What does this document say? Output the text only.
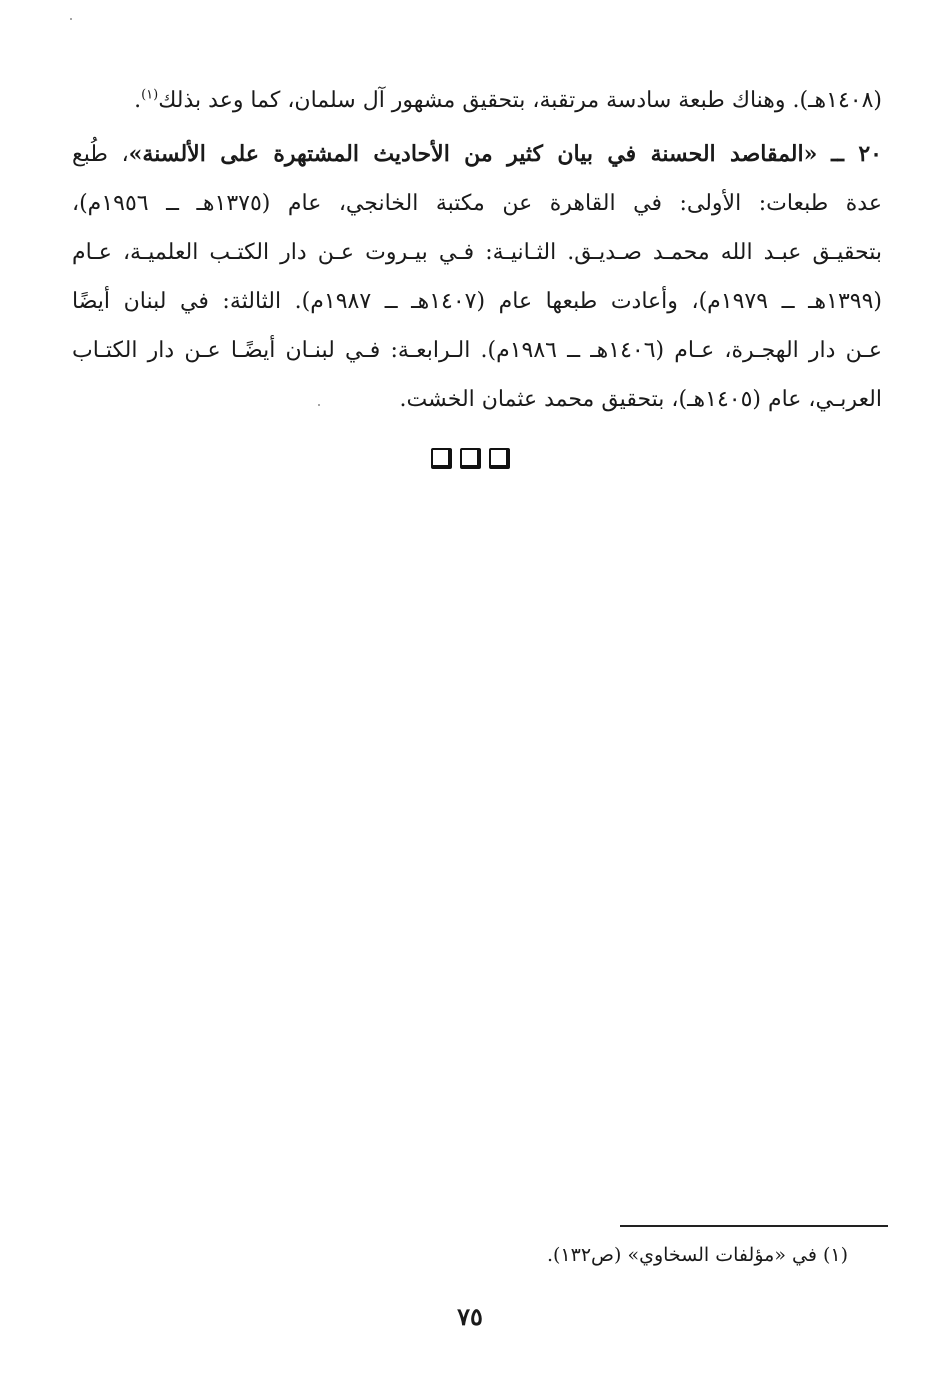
(١٤٠٨هـ). وهناك طبعة سادسة مرتقبة، بتحقيق مشهور آل سلمان، كما وعد بذلك$^{(١)}$.
٢٠ ــ «المقاصد الحسنة في بيان كثير من الأحاديث المشتهرة على الألسنة»، طُبع
عدة طبعات: الأولى: في القاهرة عن مكتبة الخانجي، عام (١٣٧٥هـ ــ ١٩٥٦م)،
بتحقيـق عبـد الله محمـد صـديـق. الثـانيـة: فـي بيـروت عـن دار الكتـب العلميـة، عـام
(١٣٩٩هـ ــ ١٩٧٩م)، وأعادت طبعها عام (١٤٠٧هـ ــ ١٩٨٧م). الثالثة: في لبنان أيضًا
عـن دار الهجـرة، عـام (١٤٠٦هـ ــ ١٩٨٦م). الـرابعـة: فـي لبنـان أيضًـا عـن دار الكتـاب
العربـي، عام (١٤٠٥هـ)، بتحقيق محمد عثمان الخشت.
(١) في «مؤلفات السخاوي» (ص١٣٢).
٧٥
